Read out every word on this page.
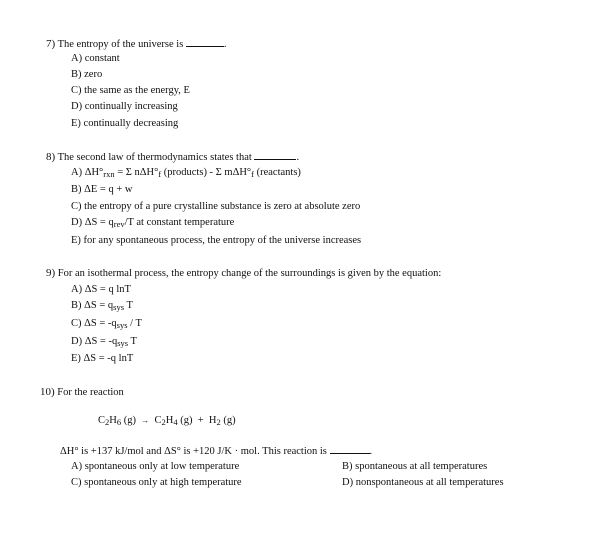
7) The entropy of the universe is	.
A) constant
B) zero
C) the same as the energy, E
D) continually increasing
E) continually decreasing
8) The second law of thermodynamics states that	.
A) $\Delta H^\circ_{rxn} = \Sigma$ $n\Delta H^\circ_f$ (products) - Σ $m\Delta H^\circ_f$ (reactants)
B) ΔE = q + w
C) the entropy of a pure crystalline substance is zero at absolute zero
D) $\Delta S = q_{rev}/T$ at constant temperature
E) for any spontaneous process, the entropy of the universe increases
9) For an isothermal process, the entropy change of the surroundings is given by the equation:
A) ΔS = q lnT
B) $\Delta S = q_{sys}$ T
C) $\Delta S = -q_{sys} / T$
D) $\Delta S = -q_{sys}$ T
E) ΔS = -q lnT
10) For the reaction
$C_2H_6$ $(g) \to C_2H_4$ $(g) + H_2$ (g)
ΔH° is +137 kJ/mol and ΔS° is +120 J/K · mol. This reaction is	.
A) spontaneous only at low temperature	B) spontaneous at all temperatures
C) spontaneous only at high temperature	D) nonspontaneous at all temperatures
